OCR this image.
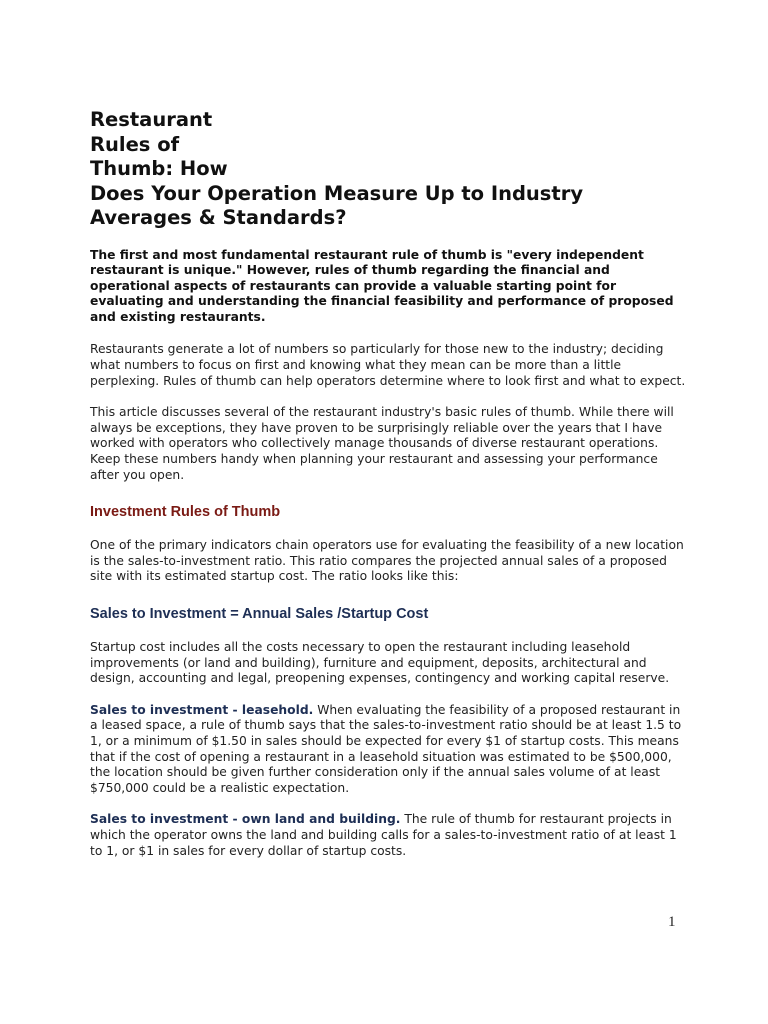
Restaurant
Rules of
Thumb: How
Does Your Operation Measure Up to Industry
Averages & Standards?

The first and most fundamental restaurant rule of thumb is "every independent restaurant is unique." However, rules of thumb regarding the financial and operational aspects of restaurants can provide a valuable starting point for evaluating and understanding the financial feasibility and performance of proposed and existing restaurants.

Restaurants generate a lot of numbers so particularly for those new to the industry; deciding what numbers to focus on first and knowing what they mean can be more than a little perplexing. Rules of thumb can help operators determine where to look first and what to expect.

This article discusses several of the restaurant industry's basic rules of thumb. While there will always be exceptions, they have proven to be surprisingly reliable over the years that I have worked with operators who collectively manage thousands of diverse restaurant operations. Keep these numbers handy when planning your restaurant and assessing your performance after you open.

Investment Rules of Thumb

One of the primary indicators chain operators use for evaluating the feasibility of a new location is the sales-to-investment ratio. This ratio compares the projected annual sales of a proposed site with its estimated startup cost. The ratio looks like this:

Sales to Investment = Annual Sales /Startup Cost

Startup cost includes all the costs necessary to open the restaurant including leasehold improvements (or land and building), furniture and equipment, deposits, architectural and design, accounting and legal, preopening expenses, contingency and working capital reserve.

Sales to investment - leasehold. When evaluating the feasibility of a proposed restaurant in a leased space, a rule of thumb says that the sales-to-investment ratio should be at least 1.5 to 1, or a minimum of $1.50 in sales should be expected for every $1 of startup costs. This means that if the cost of opening a restaurant in a leasehold situation was estimated to be $500,000, the location should be given further consideration only if the annual sales volume of at least $750,000 could be a realistic expectation.

Sales to investment - own land and building. The rule of thumb for restaurant projects in which the operator owns the land and building calls for a sales-to-investment ratio of at least 1 to 1, or $1 in sales for every dollar of startup costs.

1
